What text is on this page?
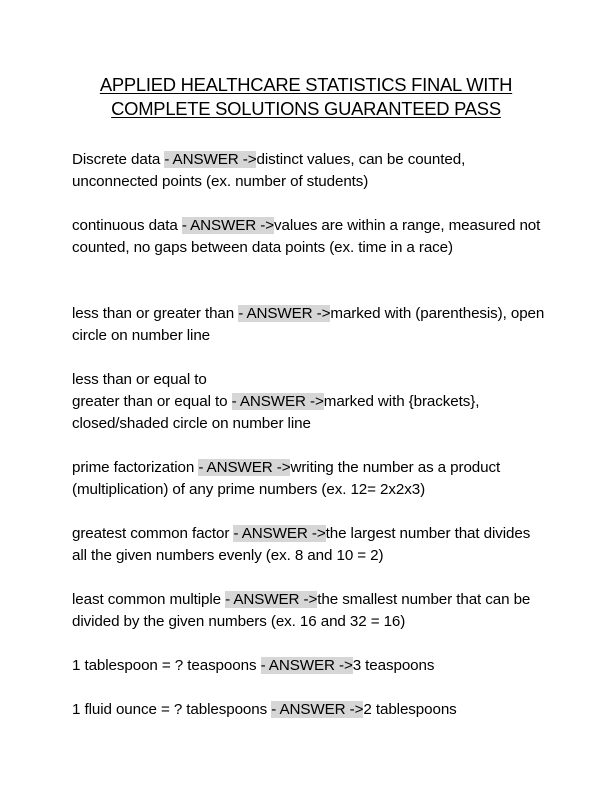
APPLIED HEALTHCARE STATISTICS FINAL WITH
COMPLETE SOLUTIONS GUARANTEED PASS
Discrete data - ANSWER ->distinct values, can be counted, unconnected points (ex. number of students)
continuous data - ANSWER ->values are within a range, measured not counted, no gaps between data points (ex. time in a race)
less than or greater than - ANSWER ->marked with (parenthesis), open circle on number line
less than or equal to
greater than or equal to - ANSWER ->marked with {brackets}, closed/shaded circle on number line
prime factorization - ANSWER ->writing the number as a product (multiplication) of any prime numbers (ex. 12= 2x2x3)
greatest common factor - ANSWER ->the largest number that divides all the given numbers evenly (ex. 8 and 10 = 2)
least common multiple - ANSWER ->the smallest number that can be divided by the given numbers (ex. 16 and 32 = 16)
1 tablespoon = ? teaspoons - ANSWER ->3 teaspoons
1 fluid ounce = ? tablespoons - ANSWER ->2 tablespoons
